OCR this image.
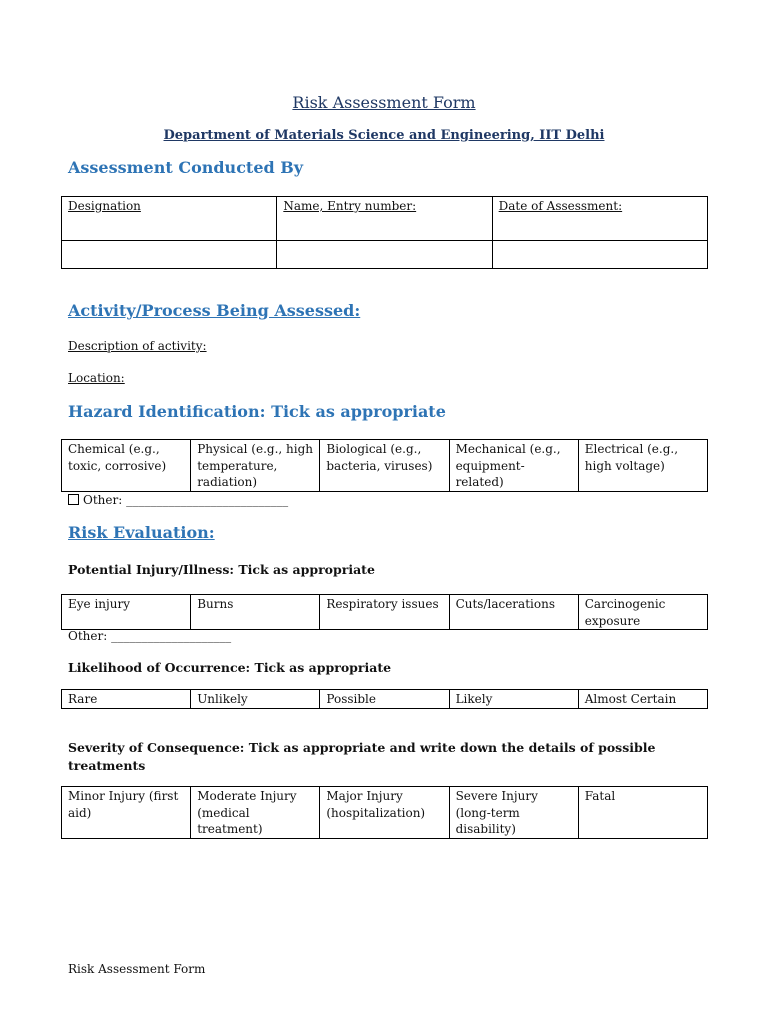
Risk Assessment Form
Department of Materials Science and Engineering, IIT Delhi
Assessment Conducted By
Designation	Name, Entry number:	Date of Assessment:

Activity/Process Being Assessed:
Description of activity:
Location:
Hazard Identification: Tick as appropriate
Chemical (e.g., toxic, corrosive)	Physical (e.g., high temperature, radiation)	Biological (e.g., bacteria, viruses)	Mechanical (e.g., equipment-related)	Electrical (e.g., high voltage)
Other: ___________________________
Risk Evaluation:
Potential Injury/Illness: Tick as appropriate
Eye injury	Burns	Respiratory issues	Cuts/lacerations	Carcinogenic exposure
Other: ____________________
Likelihood of Occurrence: Tick as appropriate
Rare	Unlikely	Possible	Likely	Almost Certain
Severity of Consequence: Tick as appropriate and write down the details of possible treatments
Minor Injury (first aid)	Moderate Injury (medical treatment)	Major Injury (hospitalization)	Severe Injury (long-term disability)	Fatal
Risk Assessment Form
